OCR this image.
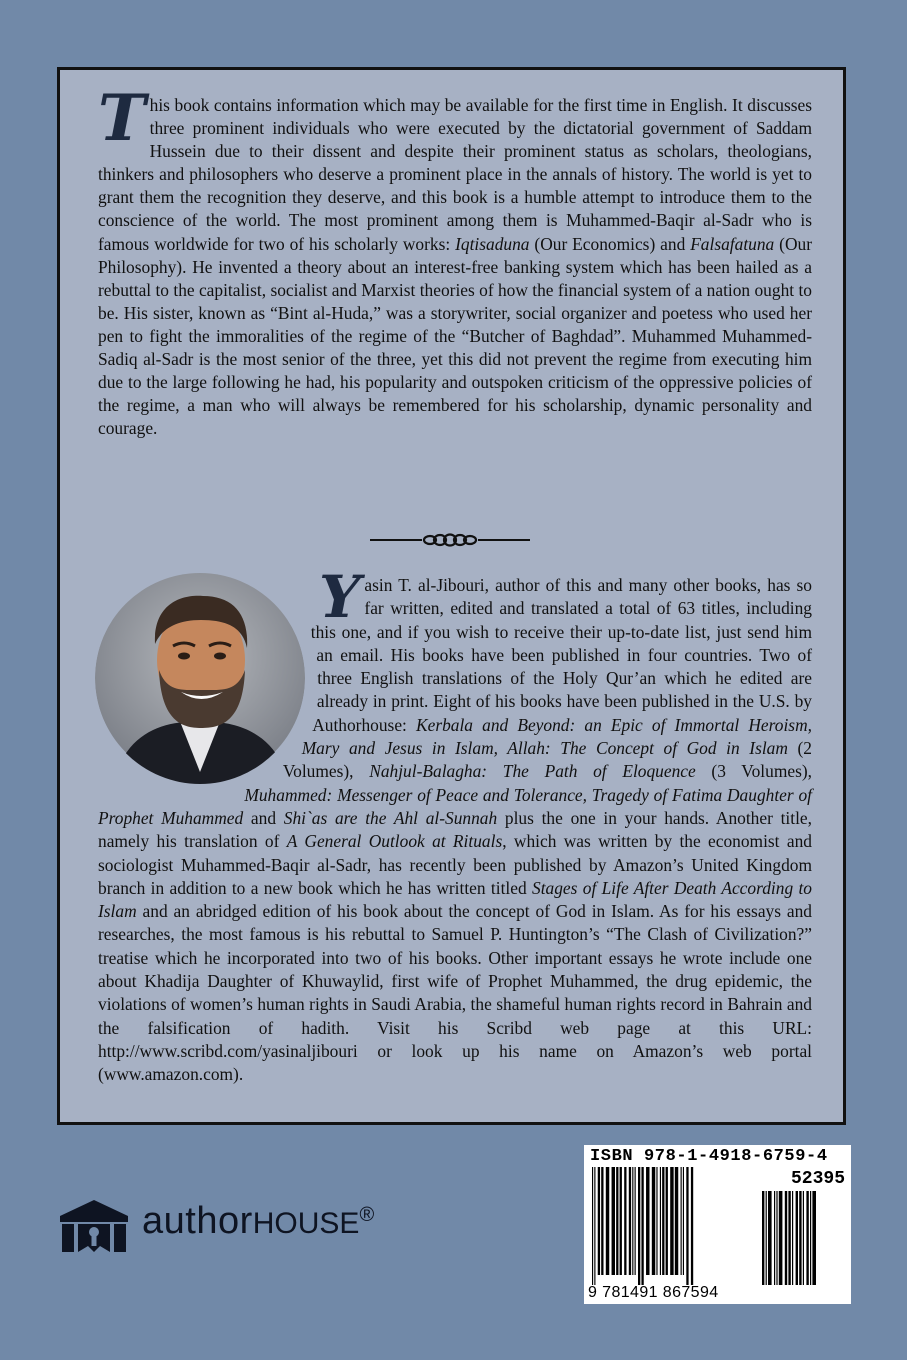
This book contains information which may be available for the first time in English. It discusses three prominent individuals who were executed by the dictatorial government of Saddam Hussein due to their dissent and despite their prominent status as scholars, theologians, thinkers and philosophers who deserve a prominent place in the annals of history. The world is yet to grant them the recognition they deserve, and this book is a humble attempt to introduce them to the conscience of the world. The most prominent among them is Muhammed-Baqir al-Sadr who is famous worldwide for two of his scholarly works: Iqtisaduna (Our Economics) and Falsafatuna (Our Philosophy). He invented a theory about an interest-free banking system which has been hailed as a rebuttal to the capitalist, socialist and Marxist theories of how the financial system of a nation ought to be. His sister, known as “Bint al-Huda,” was a storywriter, social organizer and poetess who used her pen to fight the immoralities of the regime of the “Butcher of Baghdad”. Muhammed Muhammed-Sadiq al-Sadr is the most senior of the three, yet this did not prevent the regime from executing him due to the large following he had, his popularity and outspoken criticism of the oppressive policies of the regime, a man who will always be remembered for his scholarship, dynamic personality and courage.
Yasin T. al-Jibouri, author of this and many other books, has so far written, edited and translated a total of 63 titles, including this one, and if you wish to receive their up-to-date list, just send him an email. His books have been published in four countries. Two of three English translations of the Holy Qur’an which he edited are already in print. Eight of his books have been published in the U.S. by Authorhouse: Kerbala and Beyond: an Epic of Immortal Heroism, Mary and Jesus in Islam, Allah: The Concept of God in Islam (2 Volumes), Nahjul-Balagha: The Path of Eloquence (3 Volumes), Muhammed: Messenger of Peace and Tolerance, Tragedy of Fatima Daughter of Prophet Muhammed and Shi`as are the Ahl al-Sunnah plus the one in your hands. Another title, namely his translation of A General Outlook at Rituals, which was written by the economist and sociologist Muhammed-Baqir al-Sadr, has recently been published by Amazon’s United Kingdom branch in addition to a new book which he has written titled Stages of Life After Death According to Islam and an abridged edition of his book about the concept of God in Islam. As for his essays and researches, the most famous is his rebuttal to Samuel P. Huntington’s “The Clash of Civilization?” treatise which he incorporated into two of his books. Other important essays he wrote include one about Khadija Daughter of Khuwaylid, first wife of Prophet Muhammed, the drug epidemic, the violations of women’s human rights in Saudi Arabia, the shameful human rights record in Bahrain and the falsification of hadith. Visit his Scribd web page at this URL: http://www.scribd.com/yasinaljibouri or look up his name on Amazon’s web portal (www.amazon.com).
authorHOUSE®
ISBN 978-1-4918-6759-4
52395
9 781491 867594
